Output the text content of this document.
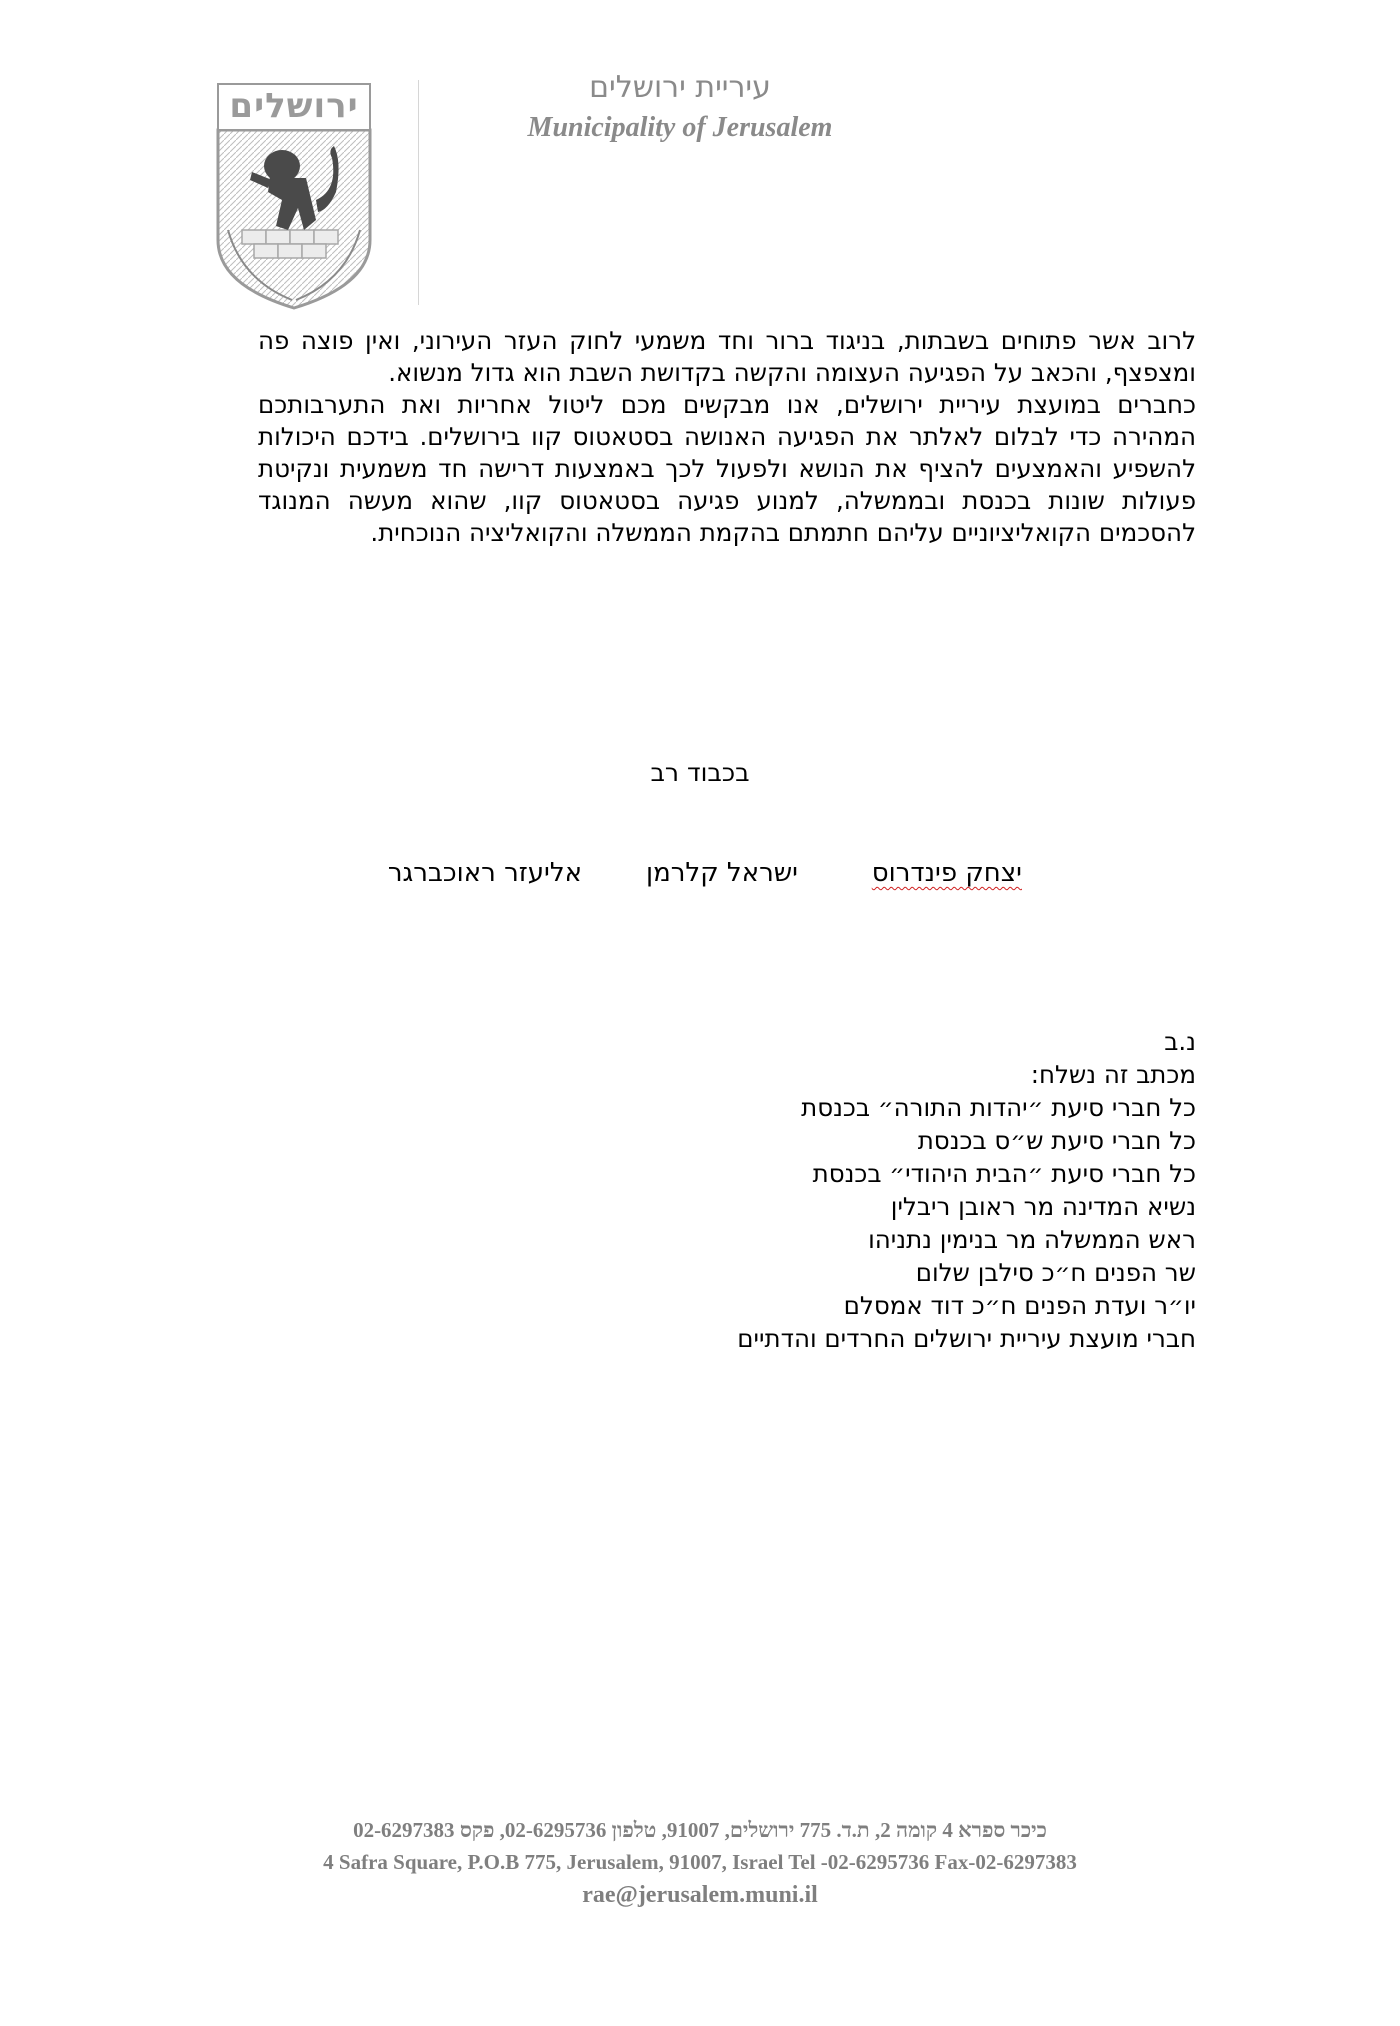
ירושלים	עיריית ירושלים
Municipality of Jerusalem

לרוב אשר פתוחים בשבתות, בניגוד ברור וחד משמעי לחוק העזר העירוני, ואין פוצה פה ומצפצף, והכאב על הפגיעה העצומה והקשה בקדושת השבת הוא גדול מנשוא.

כחברים במועצת עיריית ירושלים, אנו מבקשים מכם ליטול אחריות ואת התערבותכם המהירה כדי לבלום לאלתר את הפגיעה האנושה בסטאטוס קוו בירושלים. בידכם היכולות להשפיע והאמצעים להציף את הנושא ולפעול לכך באמצעות דרישה חד משמעית ונקיטת פעולות שונות בכנסת ובממשלה, למנוע פגיעה בסטאטוס קוו, שהוא מעשה המנוגד להסכמים הקואליציוניים עליהם חתמתם בהקמת הממשלה והקואליציה הנוכחית.

בכבוד רב
יצחק פינדרוס
ישראל קלרמן
אליעזר ראוכברגר
נ.ב
מכתב זה נשלח:
כל חברי סיעת ״יהדות התורה״ בכנסת
כל חברי סיעת ש״ס בכנסת
כל חברי סיעת ״הבית היהודי״ בכנסת
נשיא המדינה מר ראובן ריבלין
ראש הממשלה מר בנימין נתניהו
שר הפנים ח״כ סילבן שלום
יו״ר ועדת הפנים ח״כ דוד אמסלם
חברי מועצת עיריית ירושלים החרדים והדתיים
כיכר ספרא 4 קומה 2, ת.ד. 775 ירושלים, 91007, טלפון 02-6295736, פקס 02-6297383
4 Safra Square, P.O.B 775, Jerusalem, 91007, Israel Tel -02-6295736 Fax-02-6297383
rae@jerusalem.muni.il
